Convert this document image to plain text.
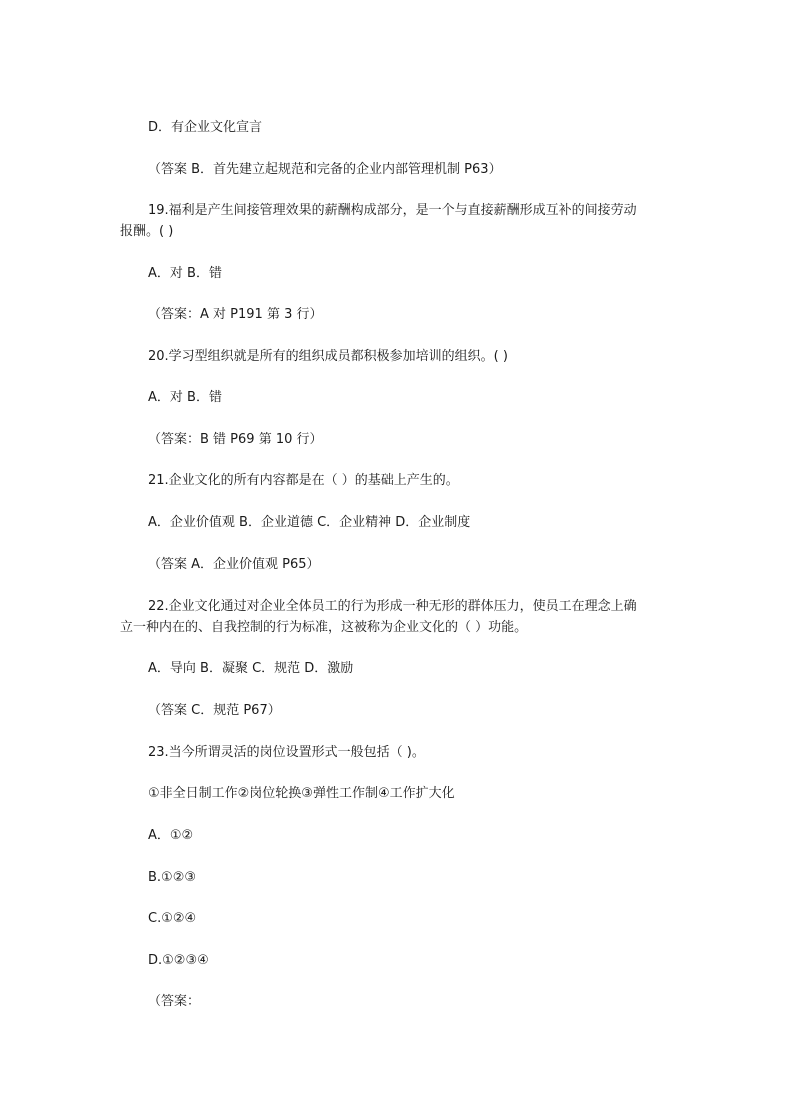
D．有企业文化宣言
（答案 B．首先建立起规范和完备的企业内部管理机制 P63）
19.福利是产生间接管理效果的薪酬构成部分，是一个与直接薪酬形成互补的间接劳动
报酬。( )
A．对 B．错
（答案：A 对 P191 第 3 行）
20.学习型组织就是所有的组织成员都积极参加培训的组织。( )
A．对 B．错
（答案：B 错 P69 第 10 行）
21.企业文化的所有内容都是在（ ）的基础上产生的。
A．企业价值观 B．企业道德 C．企业精神 D．企业制度
（答案 A．企业价值观 P65）
22.企业文化通过对企业全体员工的行为形成一种无形的群体压力，使员工在理念上确
立一种内在的、自我控制的行为标准，这被称为企业文化的（ ）功能。
A．导向 B．凝聚 C．规范 D．激励
（答案 C．规范 P67）
23.当今所谓灵活的岗位设置形式一般包括（ )。
①非全日制工作②岗位轮换③弹性工作制④工作扩大化
A．①②
B.①②③
C.①②④
D.①②③④
（答案：
